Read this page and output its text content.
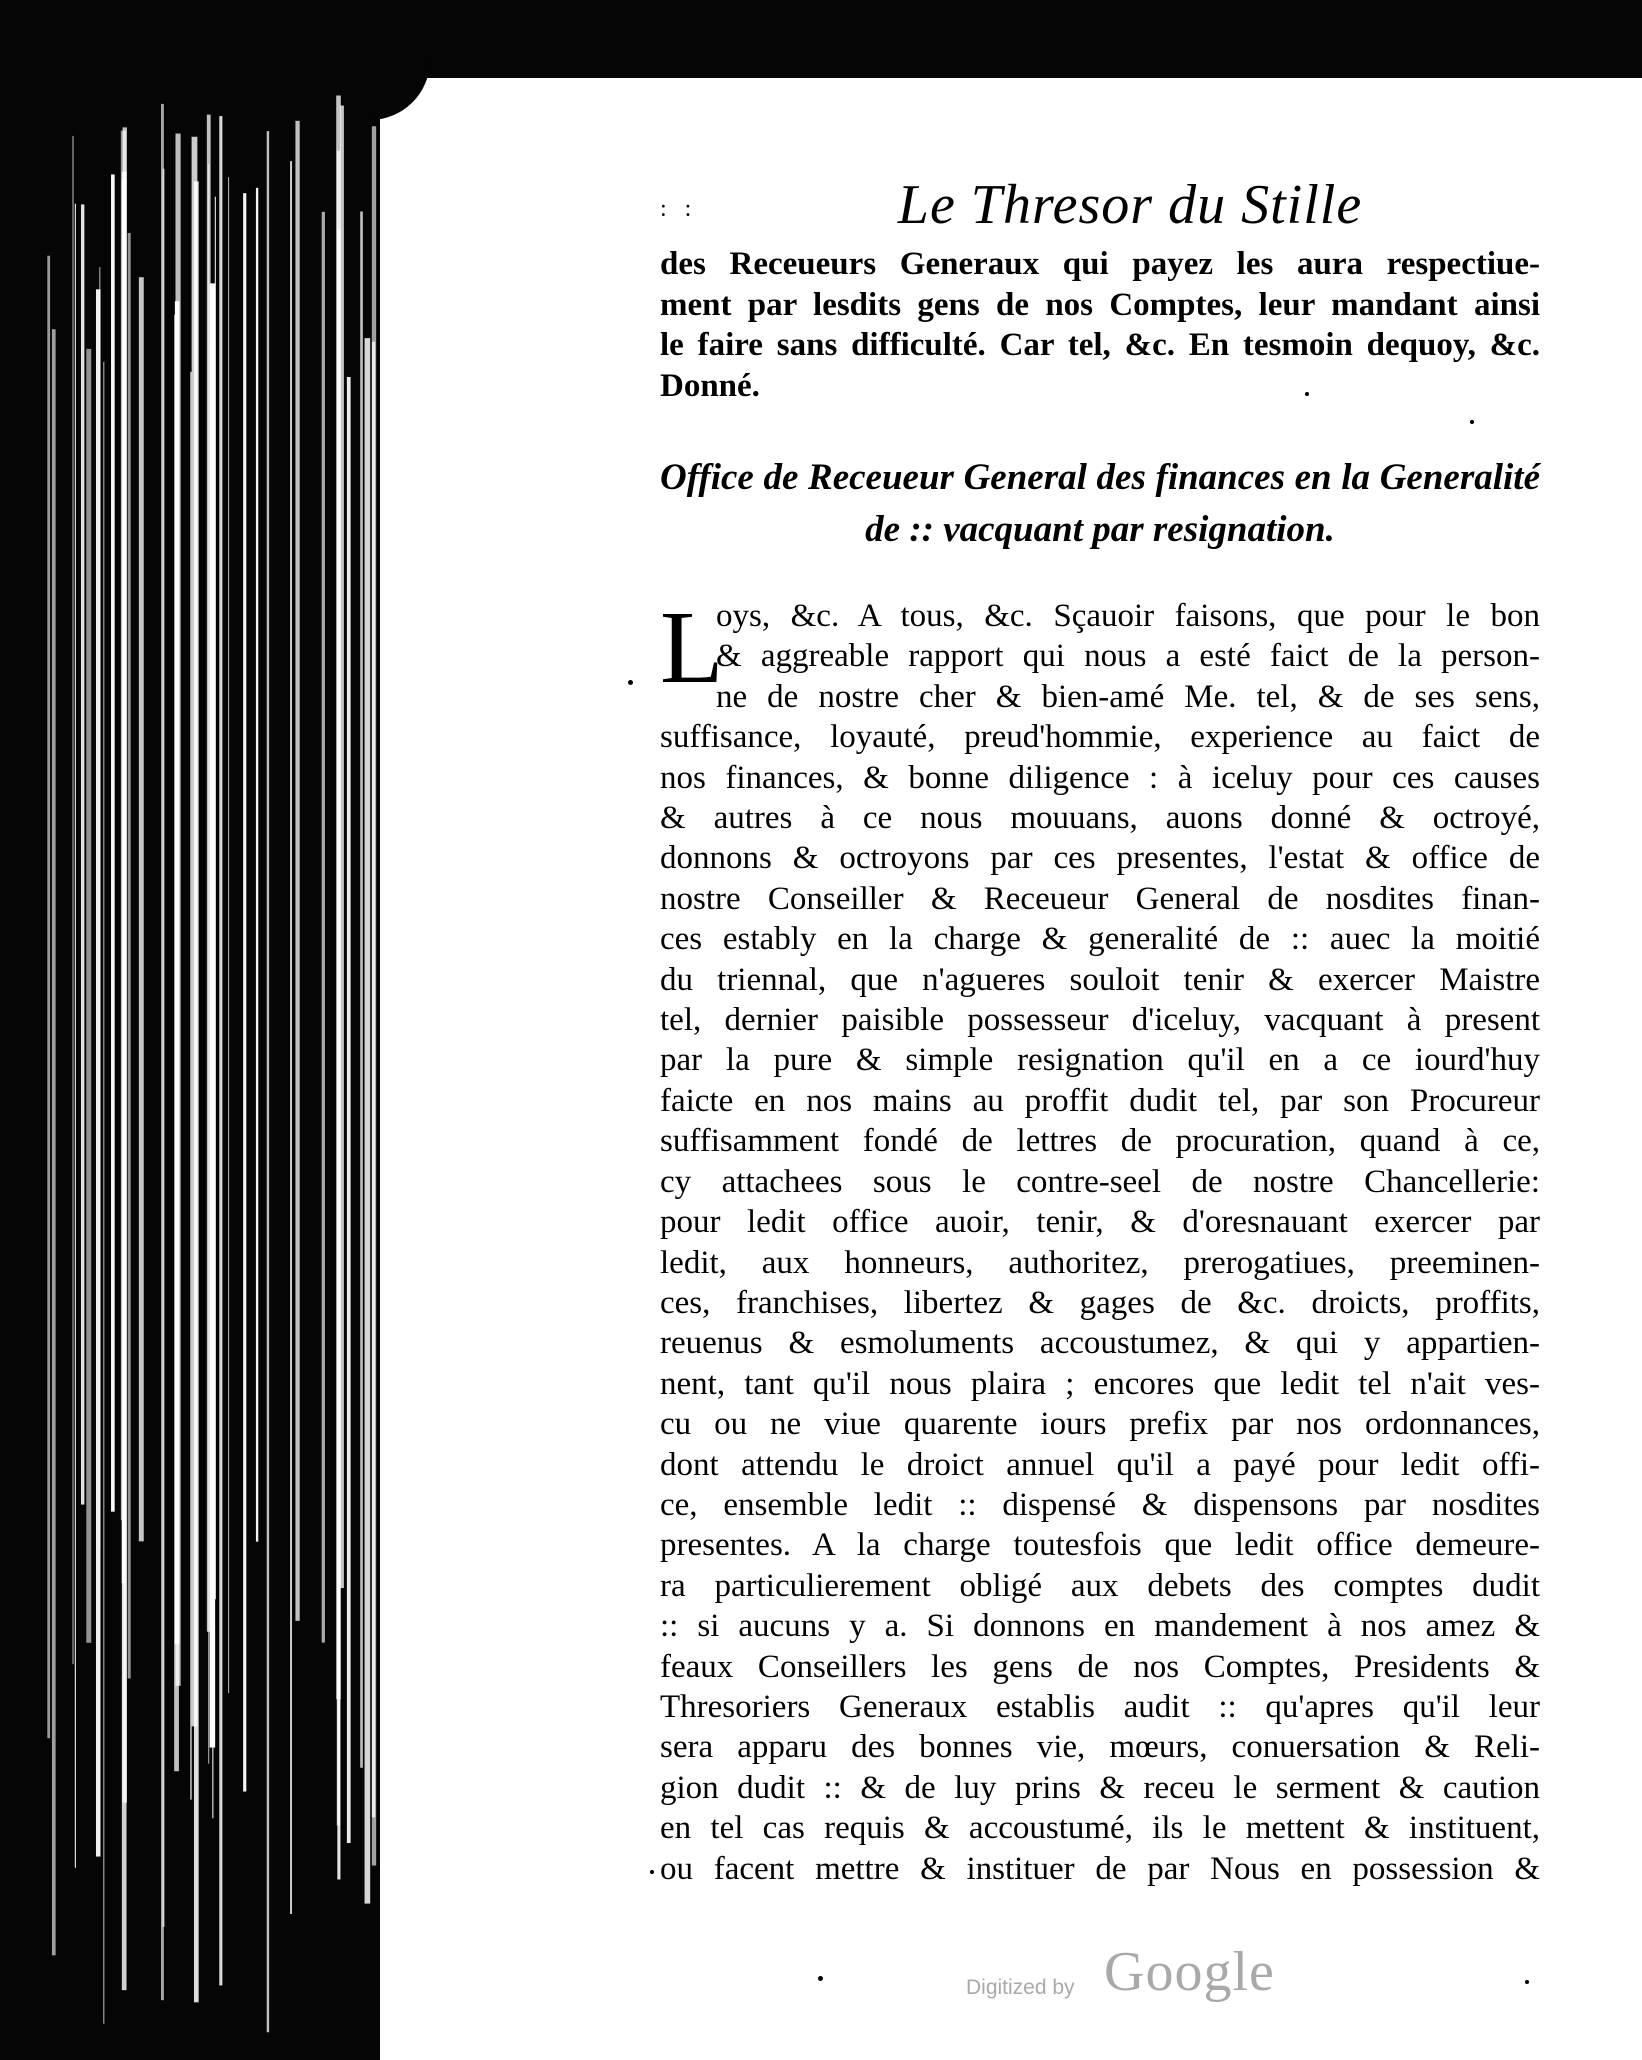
: :	Le Thresor du Stille
des Receueurs Generaux qui payez les aura respectiue-
ment par lesdits gens de nos Comptes, leur mandant ainsi
le faire sans difficulté. Car tel, &c. En tesmoin dequoy, &c.
Donné.
Office de Receueur General des finances en la Generalité
de :: vacquant par resignation.
L
oys, &c. A tous, &c. Sçauoir faisons, que pour le bon
& aggreable rapport qui nous a esté faict de la person-
ne de nostre cher & bien-amé Me. tel, & de ses sens,
suffisance, loyauté, preud'hommie, experience au faict de
nos finances, & bonne diligence : à iceluy pour ces causes
& autres à ce nous mouuans, auons donné & octroyé,
donnons & octroyons par ces presentes, l'estat & office de
nostre Conseiller & Receueur General de nosdites finan-
ces estably en la charge & generalité de :: auec la moitié
du triennal, que n'agueres souloit tenir & exercer Maistre
tel, dernier paisible possesseur d'iceluy, vacquant à present
par la pure & simple resignation qu'il en a ce iourd'huy
faicte en nos mains au proffit dudit tel, par son Procureur
suffisamment fondé de lettres de procuration, quand à ce,
cy attachees sous le contre-seel de nostre Chancellerie:
pour ledit office auoir, tenir, & d'oresnauant exercer par
ledit, aux honneurs, authoritez, prerogatiues, preeminen-
ces, franchises, libertez & gages de &c. droicts, proffits,
reuenus & esmoluments accoustumez, & qui y appartien-
nent, tant qu'il nous plaira ; encores que ledit tel n'ait ves-
cu ou ne viue quarente iours prefix par nos ordonnances,
dont attendu le droict annuel qu'il a payé pour ledit offi-
ce, ensemble ledit :: dispensé & dispensons par nosdites
presentes. A la charge toutesfois que ledit office demeure-
ra particulierement obligé aux debets des comptes dudit
:: si aucuns y a. Si donnons en mandement à nos amez &
feaux Conseillers les gens de nos Comptes, Presidents &
Thresoriers Generaux establis audit :: qu'apres qu'il leur
sera apparu des bonnes vie, mœurs, conuersation & Reli-
gion dudit :: & de luy prins & receu le serment & caution
en tel cas requis & accoustumé, ils le mettent & instituent,
ou facent mettre & instituer de par Nous en possession &
Digitized by Google
